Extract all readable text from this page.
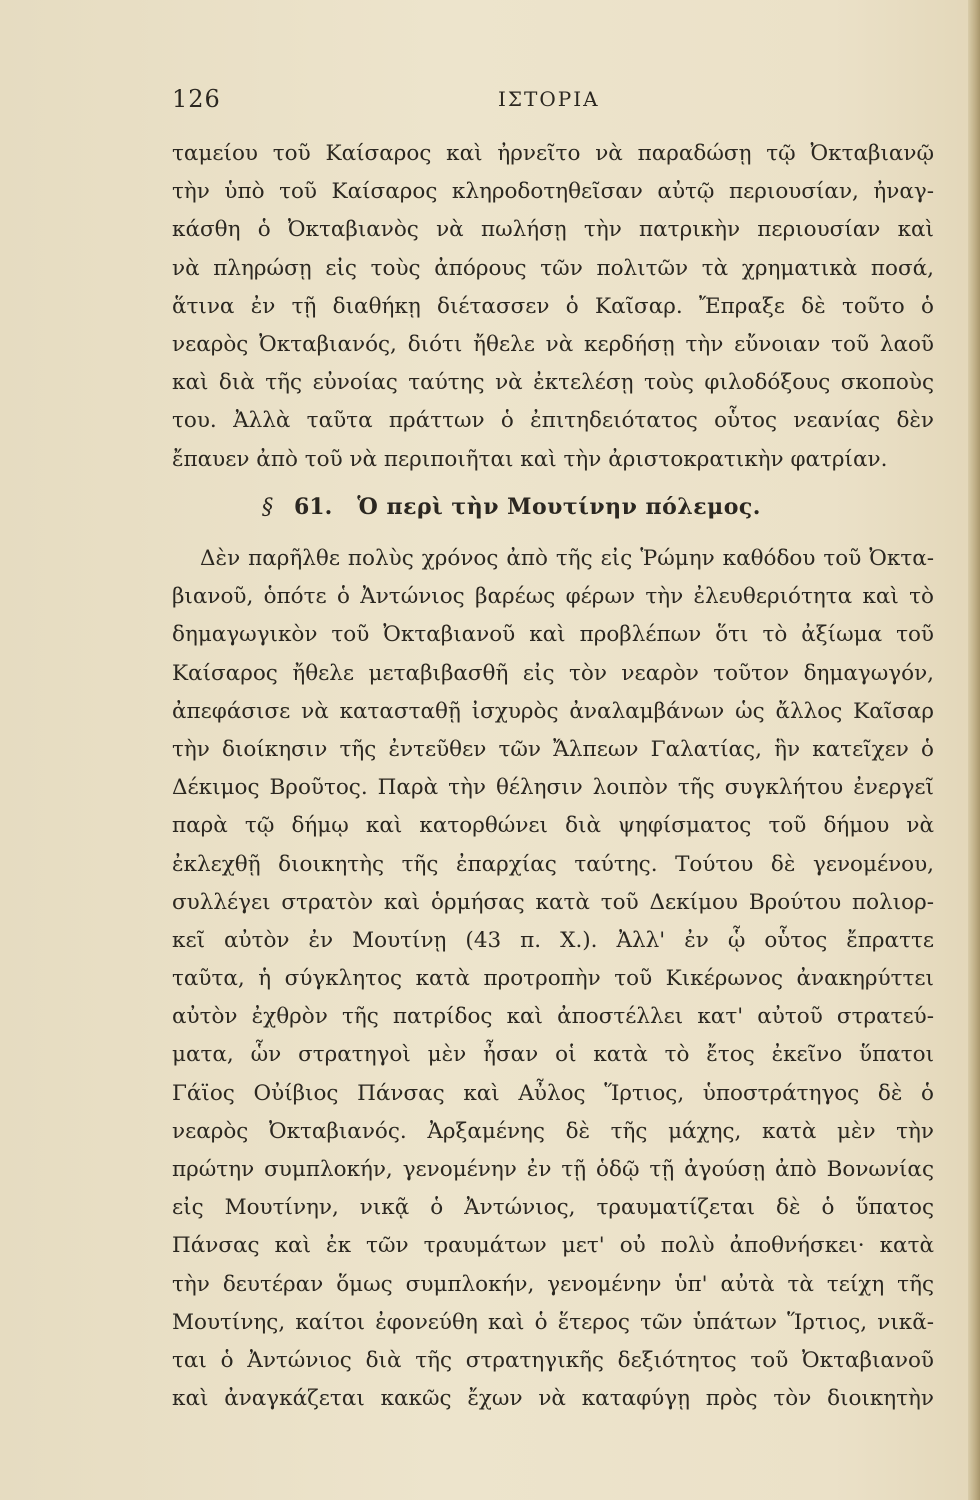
126	ΙΣΤΟΡΙΑ
ταμείου τοῦ Καίσαρος καὶ ἠρνεῖτο νὰ παραδώσῃ τῷ Ὀκταβιανῷ
τὴν ὑπὸ τοῦ Καίσαρος κληροδοτηθεῖσαν αὐτῷ περιουσίαν, ἠναγ-
κάσθη ὁ Ὀκταβιανὸς νὰ πωλήσῃ τὴν πατρικὴν περιουσίαν καὶ
νὰ πληρώσῃ εἰς τοὺς ἀπόρους τῶν πολιτῶν τὰ χρηματικὰ ποσά,
ἅτινα ἐν τῇ διαθήκῃ διέτασσεν ὁ Καῖσαρ. Ἔπραξε δὲ τοῦτο ὁ
νεαρὸς Ὀκταβιανός, διότι ἤθελε νὰ κερδήσῃ τὴν εὔνοιαν τοῦ λαοῦ
καὶ διὰ τῆς εὐνοίας ταύτης νὰ ἐκτελέσῃ τοὺς φιλοδόξους σκοποὺς
του. Ἀλλὰ ταῦτα πράττων ὁ ἐπιτηδειότατος οὗτος νεανίας δὲν
ἔπαυεν ἀπὸ τοῦ νὰ περιποιῆται καὶ τὴν ἀριστοκρατικὴν φατρίαν.
§ 61. Ὁ περὶ τὴν Μουτίνην πόλεμος.
Δὲν παρῆλθε πολὺς χρόνος ἀπὸ τῆς εἰς Ῥώμην καθόδου τοῦ Ὀκτα-
βιανοῦ, ὁπότε ὁ Ἀντώνιος βαρέως φέρων τὴν ἐλευθεριότητα καὶ τὸ
δημαγωγικὸν τοῦ Ὀκταβιανοῦ καὶ προβλέπων ὅτι τὸ ἀξίωμα τοῦ
Καίσαρος ἤθελε μεταβιβασθῆ εἰς τὸν νεαρὸν τοῦτον δημαγωγόν,
ἀπεφάσισε νὰ κατασταθῇ ἰσχυρὸς ἀναλαμβάνων ὡς ἄλλος Καῖσαρ
τὴν διοίκησιν τῆς ἐντεῦθεν τῶν Ἄλπεων Γαλατίας, ἣν κατεῖχεν ὁ
Δέκιμος Βροῦτος. Παρὰ τὴν θέλησιν λοιπὸν τῆς συγκλήτου ἐνεργεῖ
παρὰ τῷ δήμῳ καὶ κατορθώνει διὰ ψηφίσματος τοῦ δήμου νὰ
ἐκλεχθῇ διοικητὴς τῆς ἐπαρχίας ταύτης. Τούτου δὲ γενομένου,
συλλέγει στρατὸν καὶ ὁρμήσας κατὰ τοῦ Δεκίμου Βρούτου πολιορ-
κεῖ αὐτὸν ἐν Μουτίνῃ (43 π. Χ.). Ἀλλ' ἐν ᾧ οὗτος ἔπραττε
ταῦτα, ἡ σύγκλητος κατὰ προτροπὴν τοῦ Κικέρωνος ἀνακηρύττει
αὐτὸν ἐχθρὸν τῆς πατρίδος καὶ ἀποστέλλει κατ' αὐτοῦ στρατεύ-
ματα, ὧν στρατηγοὶ μὲν ἦσαν οἱ κατὰ τὸ ἔτος ἐκεῖνο ὕπατοι
Γάϊος Οὐίβιος Πάνσας καὶ Αὖλος Ἵρτιος, ὑποστράτηγος δὲ ὁ
νεαρὸς Ὀκταβιανός. Ἀρξαμένης δὲ τῆς μάχης, κατὰ μὲν τὴν
πρώτην συμπλοκήν, γενομένην ἐν τῇ ὁδῷ τῇ ἀγούσῃ ἀπὸ Βονωνίας
εἰς Μουτίνην, νικᾷ ὁ Ἀντώνιος, τραυματίζεται δὲ ὁ ὕπατος
Πάνσας καὶ ἐκ τῶν τραυμάτων μετ' οὐ πολὺ ἀποθνήσκει· κατὰ
τὴν δευτέραν ὅμως συμπλοκήν, γενομένην ὑπ' αὐτὰ τὰ τείχη τῆς
Μουτίνης, καίτοι ἐφονεύθη καὶ ὁ ἕτερος τῶν ὑπάτων Ἵρτιος, νικᾶ-
ται ὁ Ἀντώνιος διὰ τῆς στρατηγικῆς δεξιότητος τοῦ Ὀκταβιανοῦ
καὶ ἀναγκάζεται κακῶς ἔχων νὰ καταφύγῃ πρὸς τὸν διοικητὴν
